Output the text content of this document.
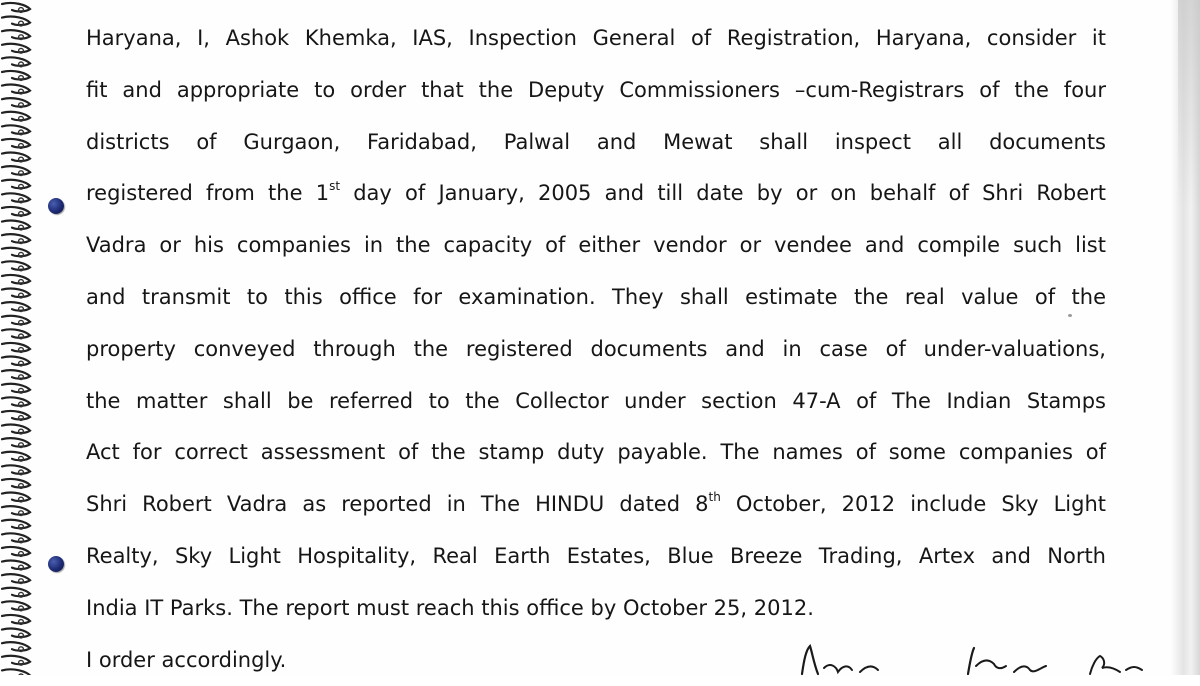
Haryana, I, Ashok Khemka, IAS, Inspection General of Registration, Haryana, consider it
fit and appropriate to order that the Deputy Commissioners –cum-Registrars of the four
districts of Gurgaon, Faridabad, Palwal and Mewat shall inspect all documents
registered from the 1st day of January, 2005 and till date by or on behalf of Shri Robert
Vadra or his companies in the capacity of either vendor or vendee and compile such list
and transmit to this office for examination. They shall estimate the real value of the
property conveyed through the registered documents and in case of under-valuations,
the matter shall be referred to the Collector under section 47-A of The Indian Stamps
Act for correct assessment of the stamp duty payable. The names of some companies of
Shri Robert Vadra as reported in The HINDU dated 8th October, 2012 include Sky Light
Realty, Sky Light Hospitality, Real Earth Estates, Blue Breeze Trading, Artex and North
India IT Parks. The report must reach this office by October 25, 2012.
I order accordingly.
